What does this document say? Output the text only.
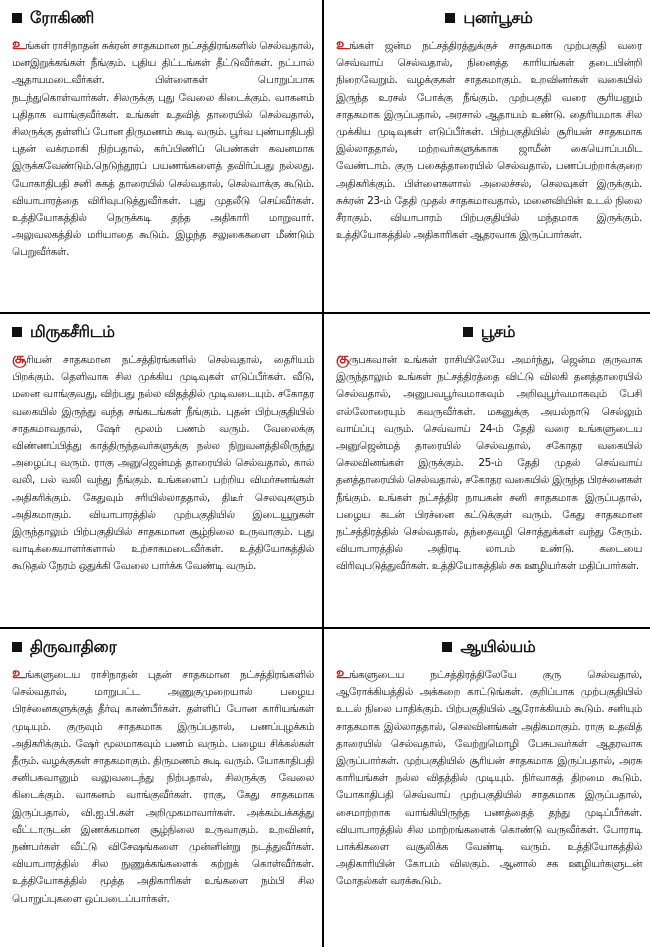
ரோகிணி
உங்கள் ராசிநாதன் சுக்ரன் சாதகமான நட்சத்திரங்களில் செல்வதால், மனஇறுக்கங்கள் நீங்கும். புதிய திட்டங்கள் தீட்டுவீர்கள். நட்பால் ஆதாயமடைவீர்கள். பிள்ளைகள் பொறுப்பாக நடந்துகொள்வார்கள். சிலருக்கு புது வேலை கிடைக்கும். வாகனம் புதிதாக வாங்குவீர்கள். உங்கள் உதவித் தாரையில் செல்வதால், சிலருக்கு தள்ளிப் போன திருமணம் கூடி வரும். பூர்வ புண்யாதிபதி புதன் வக்ரமாகி நிற்பதால், கர்ப்பிணிப் பெண்கள் கவனமாக இருக்கவேண்டும்.நெடுந்தூரப் பயணங்களைத் தவிர்ப்பது நல்லது. யோகாதிபதி சனி சுகத் தாரையில் செல்வதால், செல்வாக்கு கூடும். வியாபாரத்தை விரிவுபடுத்துவீர்கள். புது முதலீடு செய்வீர்கள். உத்தியோகத்தில் நெருக்கடி தந்த அதிகாரி மாறுவார். அலுவலகத்தில் மரியாதை கூடும். இழந்த சலுகைகளை மீண்டும் பெறுவீர்கள்.
புனர்பூசம்
உங்கள் ஜன்ம நட்சத்திரத்துக்குச் சாதகமாக முற்பகுதி வரை செவ்வாய் செல்வதால், நினைத்த காரியங்கள் தடையின்றி நிறைவேறும். வழக்குகள் சாதகமாகும். உறவினர்கள் வகையில் இருந்த உரசல் போக்கு நீங்கும். முற்பகுதி வரை சூரியனும் சாதகமாக இருப்பதால், அரசால் ஆதாயம் உண்டு. தைரியமாக சில முக்கிய முடிவுகள் எடுப்பீர்கள். பிற்பகுதியில் சூரியன் சாதகமாக இல்லாததால், மற்றவர்களுக்காக ஜாமீன் கையொப்பமிட வேண்டாம். குரு பகைத்தாரையில் செல்வதால், பணப்பற்றாக்குறை அதிகரிக்கும். பிள்ளைகளால் அலைச்சல், செலவுகள் இருக்கும். சுக்ரன் 23-ம் தேதி முதல் சாதகமாவதால், மனைவியின் உடல் நிலை சீராகும். வியாபாரம் பிற்பகுதியில் மந்தமாக இருக்கும். உத்தியோகத்தில் அதிகாரிகள் ஆதரவாக இருப்பார்கள்.
மிருகசீரிடம்
சூரியன் சாதகமான நட்சத்திரங்களில் செல்வதால், தைரியம் பிறக்கும். தெளிவாக சில முக்கிய முடிவுகள் எடுப்பீர்கள். வீடு, மனை வாங்குவது, விற்பது நல்ல விதத்தில் முடிவடையும். சகோதர வகையில் இருந்து வந்த சங்கடங்கள் நீங்கும். புதன் பிற்பகுதியில் சாதகமாவதால், ஷேர் மூலம் பணம் வரும். வேலைக்கு விண்ணப்பித்து காத்திருந்தவர்களுக்கு நல்ல நிறுவனத்திலிருந்து அழைப்பு வரும். ராகு அனுஜென்மத் தாரையில் செல்வதால், கால் வலி, பல் வலி வந்து நீங்கும். உங்களைப் பற்றிய விமர்சனங்கள் அதிகரிக்கும். கேதுவும் சரியில்லாததால், திடீர் செலவுகளும் அதிகமாகும். வியாபாரத்தில் முற்பகுதியில் இடையூறுகள் இருந்தாலும் பிற்பகுதியில் சாதகமான சூழ்நிலை உருவாகும். புது வாடிக்கையாளர்களால் உற்சாகமடைவீர்கள். உத்தியோகத்தில் கூடுதல் நேரம் ஒதுக்கி வேலை பார்க்க வேண்டி வரும்.
பூசம்
குருபகவான் உங்கள் ராசியிலேயே அமர்ந்து, ஜென்ம குருவாக இருந்தாலும் உங்கள் நட்சத்திரத்தை விட்டு விலகி தனத்தாரையில் செல்வதால், அனுபவபூர்வமாகவும் அறிவுபூர்வமாகவும் பேசி எல்லோரையும் கவருவீர்கள். மகனுக்கு அயல்நாடு செல்லும் வாய்ப்பு வரும். செவ்வாய் 24-ம் தேதி வரை உங்களுடைய அனுஜென்மத் தாரையில் செல்வதால், சகோதர வகையில் செலவினங்கள் இருக்கும். 25-ம் தேதி முதல் செவ்வாய் தனத்தாரையில் செல்வதால், சகோதர வகையில் இருந்த பிரச்னைகள் நீங்கும். உங்கள் நட்சத்திர நாயகன் சனி சாதகமாக இருப்பதால், பழைய கடன் பிரச்னை கட்டுக்குள் வரும். கேது சாதகமான நட்சத்திரத்தில் செல்வதால், தந்தைவழி சொத்துக்கள் வந்து சேரும். வியாபாரத்தில் அதிரடி லாபம் உண்டு. கடையை விரிவுபடுத்துவீர்கள். உத்தியோகத்தில் சக ஊழியர்கள் மதிப்பார்கள்.
திருவாதிரை
உங்களுடைய ராசிநாதன் புதன் சாதகமான நட்சத்திரங்களில் செல்வதால், மாறுபட்ட அணுகுமுறையால் பழைய பிரச்னைகளுக்குத் தீர்வு காண்பீர்கள். தள்ளிப் போன காரியங்கள் முடியும். குருவும் சாதகமாக இருப்பதால், பணப்புழக்கம் அதிகரிக்கும். ஷேர் மூலமாகவும் பணம் வரும். பழைய சிக்கல்கள் தீரும். வழக்குகள் சாதகமாகும். திருமணம் கூடி வரும். யோகாதிபதி சனிபகவானும் வலுவடைந்து நிற்பதால், சிலருக்கு வேலை கிடைக்கும். வாகனம் வாங்குவீர்கள். ராகு, கேது சாதகமாக இருப்பதால், வி.ஐ.பி.கள் அறிமுகமாவார்கள். அக்கம்பக்கத்து வீட்டாருடன் இணக்கமான சூழ்நிலை உருவாகும். உறவினர், நண்பர்கள் வீட்டு விசேஷங்களை முன்னின்று நடத்துவீர்கள். வியாபாரத்தில் சில நுணுக்கங்களைக் கற்றுக் கொள்வீர்கள். உத்தியோகத்தில் மூத்த அதிகாரிகள் உங்களை நம்பி சில பொறுப்புகளை ஒப்படைப்பார்கள்.
ஆயில்யம்
உங்களுடைய நட்சத்திரத்திலேயே குரு செல்வதால், ஆரோக்கியத்தில் அக்கறை காட்டுங்கள். குறிப்பாக முற்பகுதியில் உடல் நிலை பாதிக்கும். பிற்பகுதியில் ஆரோக்கியம் கூடும். சனியும் சாதகமாக இல்லாததால், செலவினங்கள் அதிகமாகும். ராகு உதவித் தாரையில் செல்வதால், வேற்றுமொழி பேசுபவர்கள் ஆதரவாக இருப்பார்கள். முற்பகுதியில் சூரியன் சாதகமாக இருப்பதால், அரசு காரியங்கள் நல்ல விதத்தில் முடியும். நிர்வாகத் திறமை கூடும். யோகாதிபதி செவ்வாய் முற்பகுதியில் சாதகமாக இருப்பதால், சைமாற்றாக வாங்கியிருந்த பணத்தைத் தந்து முடிப்பீர்கள். வியாபாரத்தில் சில மாற்றங்களைக் கொண்டு வருவீர்கள். போராடி பாக்கிகளை வசூலிக்க வேண்டி வரும். உத்தியோகத்தில் அதிகாரியின் கோபம் விலகும். ஆனால் சக ஊழியர்களுடன் மோதல்கள் வரக்கூடும்.
